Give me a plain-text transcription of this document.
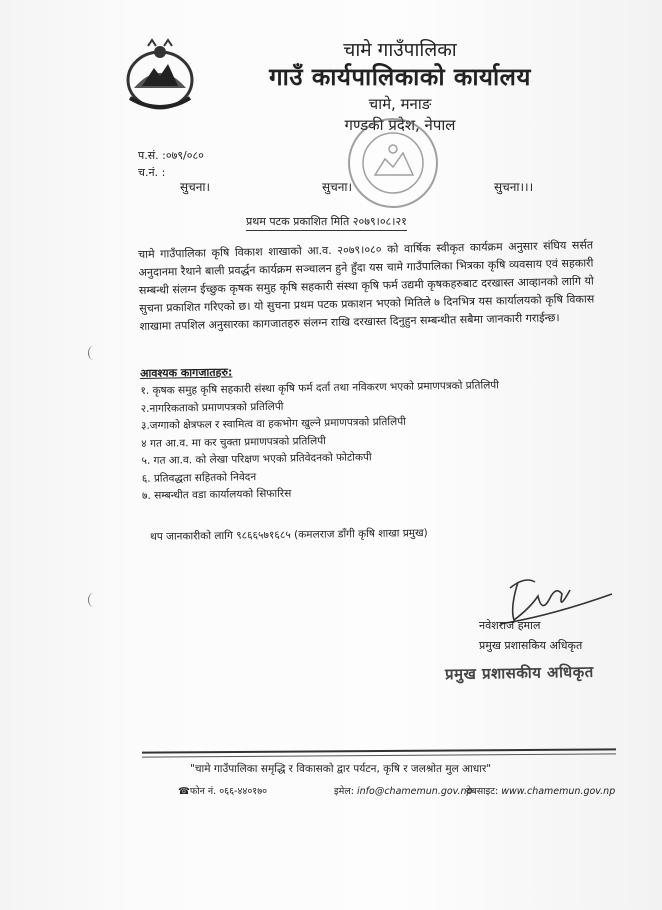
चामे गाउँपालिका
गाउँ कार्यपालिकाको कार्यालय
चामे, मनाङ
गण्डकी प्रदेश, नेपाल
प.सं. :०७९/०८०
च.नं. :
सुचना।	सुचना।	सुचना।।।
प्रथम पटक प्रकाशित मिति २०७९।०८।२१
चामे गाउँपालिका कृषि विकाश शाखाको आ.व. २०७९।०८० को वार्षिक स्वीकृत कार्यक्रम अनुसार संघिय सर्सत अनुदानमा रैथाने बाली प्रवर्द्धन कार्यक्रम सञ्चालन हुने हुँदा यस चामे गाउँपालिका भित्रका कृषि व्यवसाय एवं सहकारी सम्बन्धी संलग्न ईच्छुक कृषक समुह कृषि सहकारी संस्था कृषि फर्म उद्यमी कृषकहरुबाट दरखास्त आव्हानको लागि यो सुचना प्रकाशित गरिएको छ। यो सुचना प्रथम पटक प्रकाशन भएको मितिले ७ दिनभित्र यस कार्यालयको कृषि विकास शाखामा तपशिल अनुसारका कागजातहरु संलग्न राखि दरखास्त दिनुहुन सम्बन्धीत सबैमा जानकारी गराईन्छ।
आवश्यक कागजातहरु:
१. कृषक समुह कृषि सहकारी संस्था कृषि फर्म दर्ता तथा नविकरण भएको प्रमाणपत्रको प्रतिलिपी
२.नागरिकताको प्रमाणपत्रको प्रतिलिपी
३.जग्गाको क्षेत्रफल र स्वामित्व वा हकभोग खुल्ने प्रमाणपत्रको प्रतिलिपी
४ गत आ.व. मा कर चुक्ता प्रमाणपत्रको प्रतिलिपी
५. गत आ.व. को लेखा परिक्षण भएको प्रतिवेदनको फोटोकपी
६. प्रतिवद्धता सहितको निवेदन
७. सम्बन्धीत वडा कार्यालयको सिफारिस
थप जानकारीको लागि ९८६६५७१६८५ (कमलराज डाँगी कृषि शाखा प्रमुख)
नवेशराज हमाल
प्रमुख प्रशासकिय अधिकृत
प्रमुख प्रशासकीय अधिकृत
"चामे गाउँपालिका समृद्धि र विकासको द्वार पर्यटन, कृषि र जलश्रोत मुल आधार"
☎फोन नं. ०६६-४४०१७०	इमेल: info@chamemun.gov.np
वेबसाइट: www.chamemun.gov.np
